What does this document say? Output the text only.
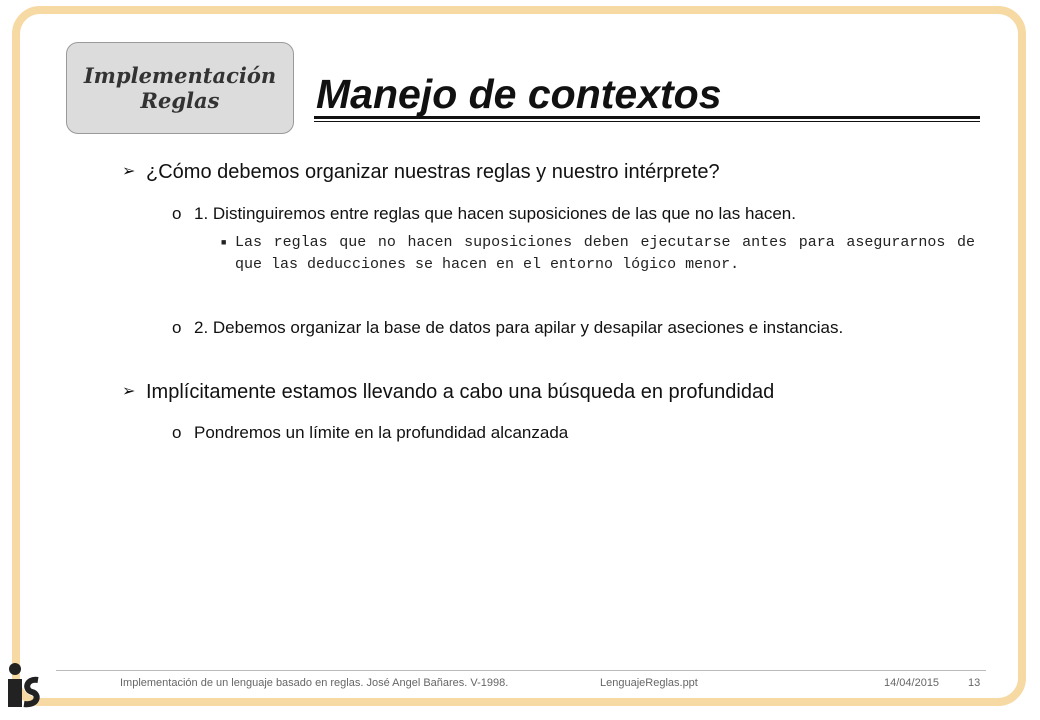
Implementación
Reglas Manejo de contextos
➢ ¿Cómo debemos organizar nuestras reglas y nuestro intérprete?
o 1. Distinguiremos entre reglas que hacen suposiciones de las que no las hacen.
■ Las reglas que no hacen suposiciones deben ejecutarse antes para asegurarnos de que las deducciones se hacen en el entorno lógico menor.
o 2. Debemos organizar la base de datos para apilar y desapilar aseciones e instancias.
➢ Implícitamente estamos llevando a cabo una búsqueda en profundidad
o Pondremos un límite en la profundidad alcanzada
Implementación de un lenguaje basado en reglas. José Angel Bañares. V-1998.	LenguajeReglas.ppt	14/04/2015	13
